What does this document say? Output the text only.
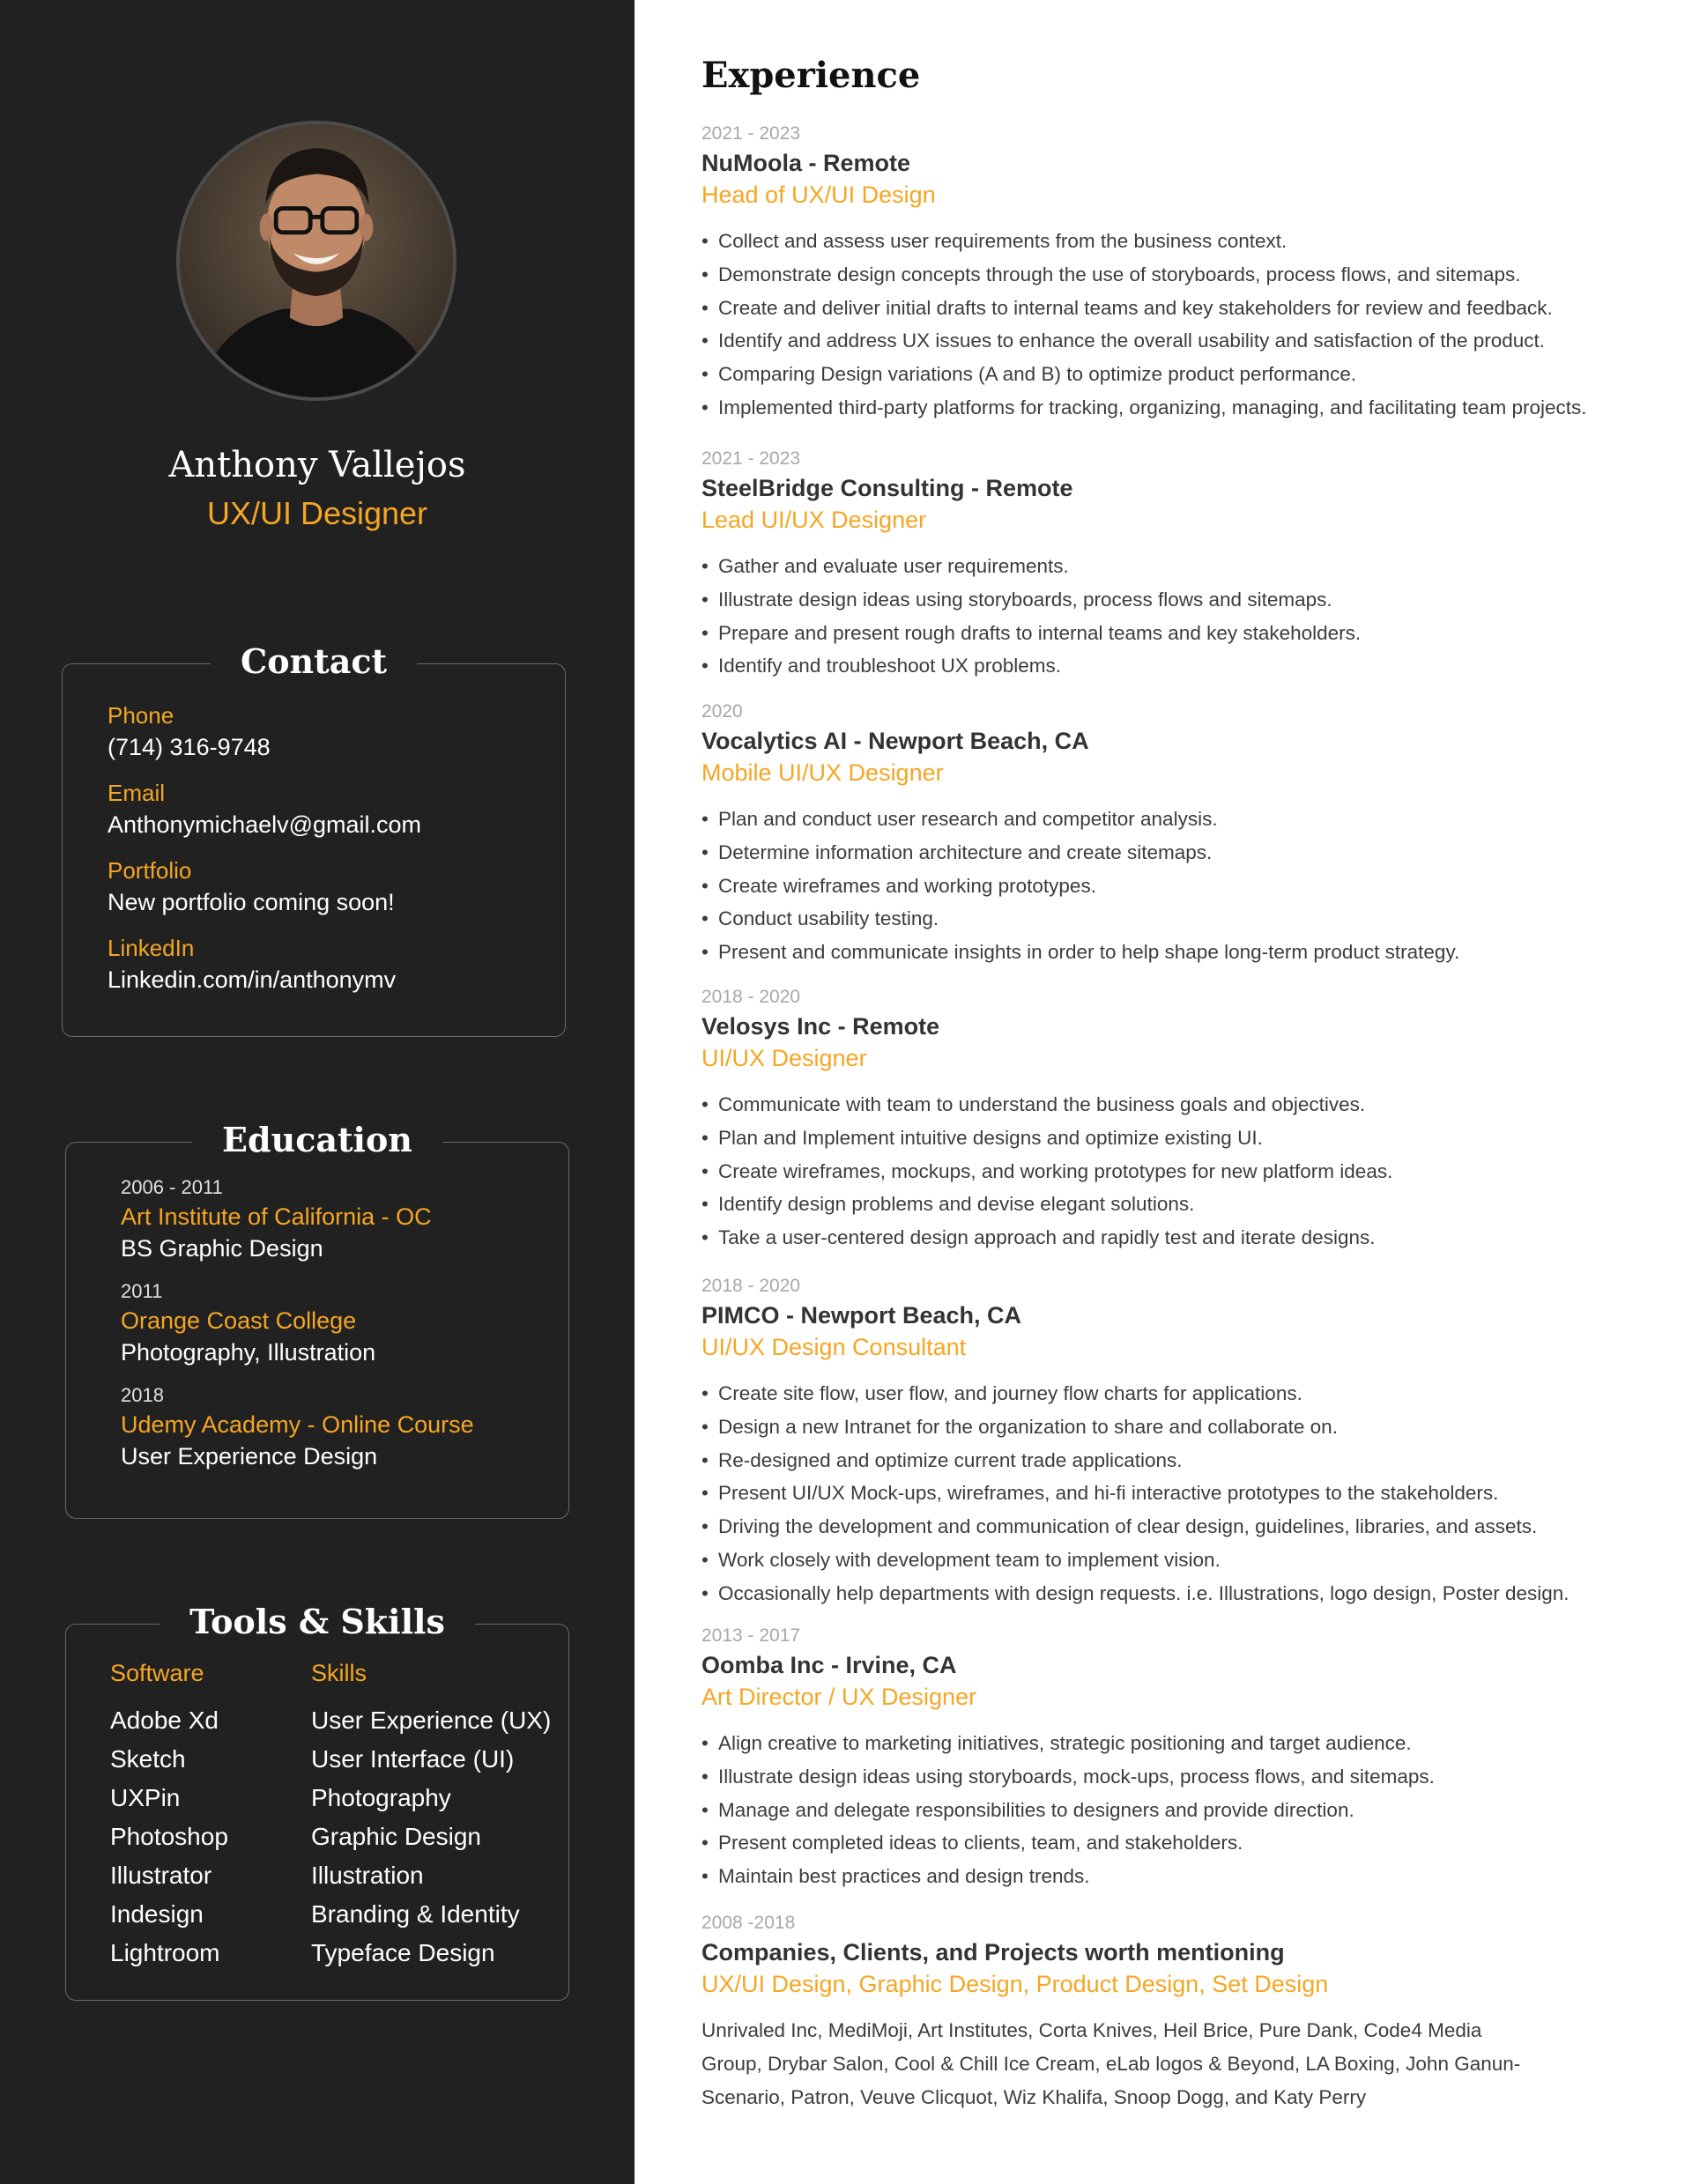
Anthony Vallejos
UX/UI Designer
Contact
Phone
(714) 316-9748
Email
Anthonymichaelv@gmail.com
Portfolio
New portfolio coming soon!
LinkedIn
Linkedin.com/in/anthonymv
Education
2006 - 2011
Art Institute of California - OC
BS Graphic Design
2011
Orange Coast College
Photography, Illustration
2018
Udemy Academy - Online Course
User Experience Design
Tools & Skills
Software
Adobe Xd
Sketch
UXPin
Photoshop
Illustrator
Indesign
Lightroom
Skills
User Experience (UX)
User Interface (UI)
Photography
Graphic Design
Illustration
Branding & Identity
Typeface Design
Experience
2021 - 2023
NuMoola - Remote
Head of UX/UI Design
• Collect and assess user requirements from the business context.
• Demonstrate design concepts through the use of storyboards, process flows, and sitemaps.
• Create and deliver initial drafts to internal teams and key stakeholders for review and feedback.
• Identify and address UX issues to enhance the overall usability and satisfaction of the product.
• Comparing Design variations (A and B) to optimize product performance.
• Implemented third-party platforms for tracking, organizing, managing, and facilitating team projects.
2021 - 2023
SteelBridge Consulting - Remote
Lead UI/UX Designer
• Gather and evaluate user requirements.
• Illustrate design ideas using storyboards, process flows and sitemaps.
• Prepare and present rough drafts to internal teams and key stakeholders.
• Identify and troubleshoot UX problems.
2020
Vocalytics AI - Newport Beach, CA
Mobile UI/UX Designer
• Plan and conduct user research and competitor analysis.
• Determine information architecture and create sitemaps.
• Create wireframes and working prototypes.
• Conduct usability testing.
• Present and communicate insights in order to help shape long-term product strategy.
2018 - 2020
Velosys Inc - Remote
UI/UX Designer
• Communicate with team to understand the business goals and objectives.
• Plan and Implement intuitive designs and optimize existing UI.
• Create wireframes, mockups, and working prototypes for new platform ideas.
• Identify design problems and devise elegant solutions.
• Take a user-centered design approach and rapidly test and iterate designs.
2018 - 2020
PIMCO - Newport Beach, CA
UI/UX Design Consultant
• Create site flow, user flow, and journey flow charts for applications.
• Design a new Intranet for the organization to share and collaborate on.
• Re-designed and optimize current trade applications.
• Present UI/UX Mock-ups, wireframes, and hi-fi interactive prototypes to the stakeholders.
• Driving the development and communication of clear design, guidelines, libraries, and assets.
• Work closely with development team to implement vision.
• Occasionally help departments with design requests. i.e. Illustrations, logo design, Poster design.
2013 - 2017
Oomba Inc - Irvine, CA
Art Director / UX Designer
• Align creative to marketing initiatives, strategic positioning and target audience.
• Illustrate design ideas using storyboards, mock-ups, process flows, and sitemaps.
• Manage and delegate responsibilities to designers and provide direction.
• Present completed ideas to clients, team, and stakeholders.
• Maintain best practices and design trends.
2008 -2018
Companies, Clients, and Projects worth mentioning
UX/UI Design, Graphic Design, Product Design, Set Design

Unrivaled Inc, MediMoji, Art Institutes, Corta Knives, Heil Brice, Pure Dank, Code4 Media Group, Drybar Salon, Cool & Chill Ice Cream, eLab logos & Beyond, LA Boxing, John Ganun-Scenario, Patron, Veuve Clicquot, Wiz Khalifa, Snoop Dogg, and Katy Perry
